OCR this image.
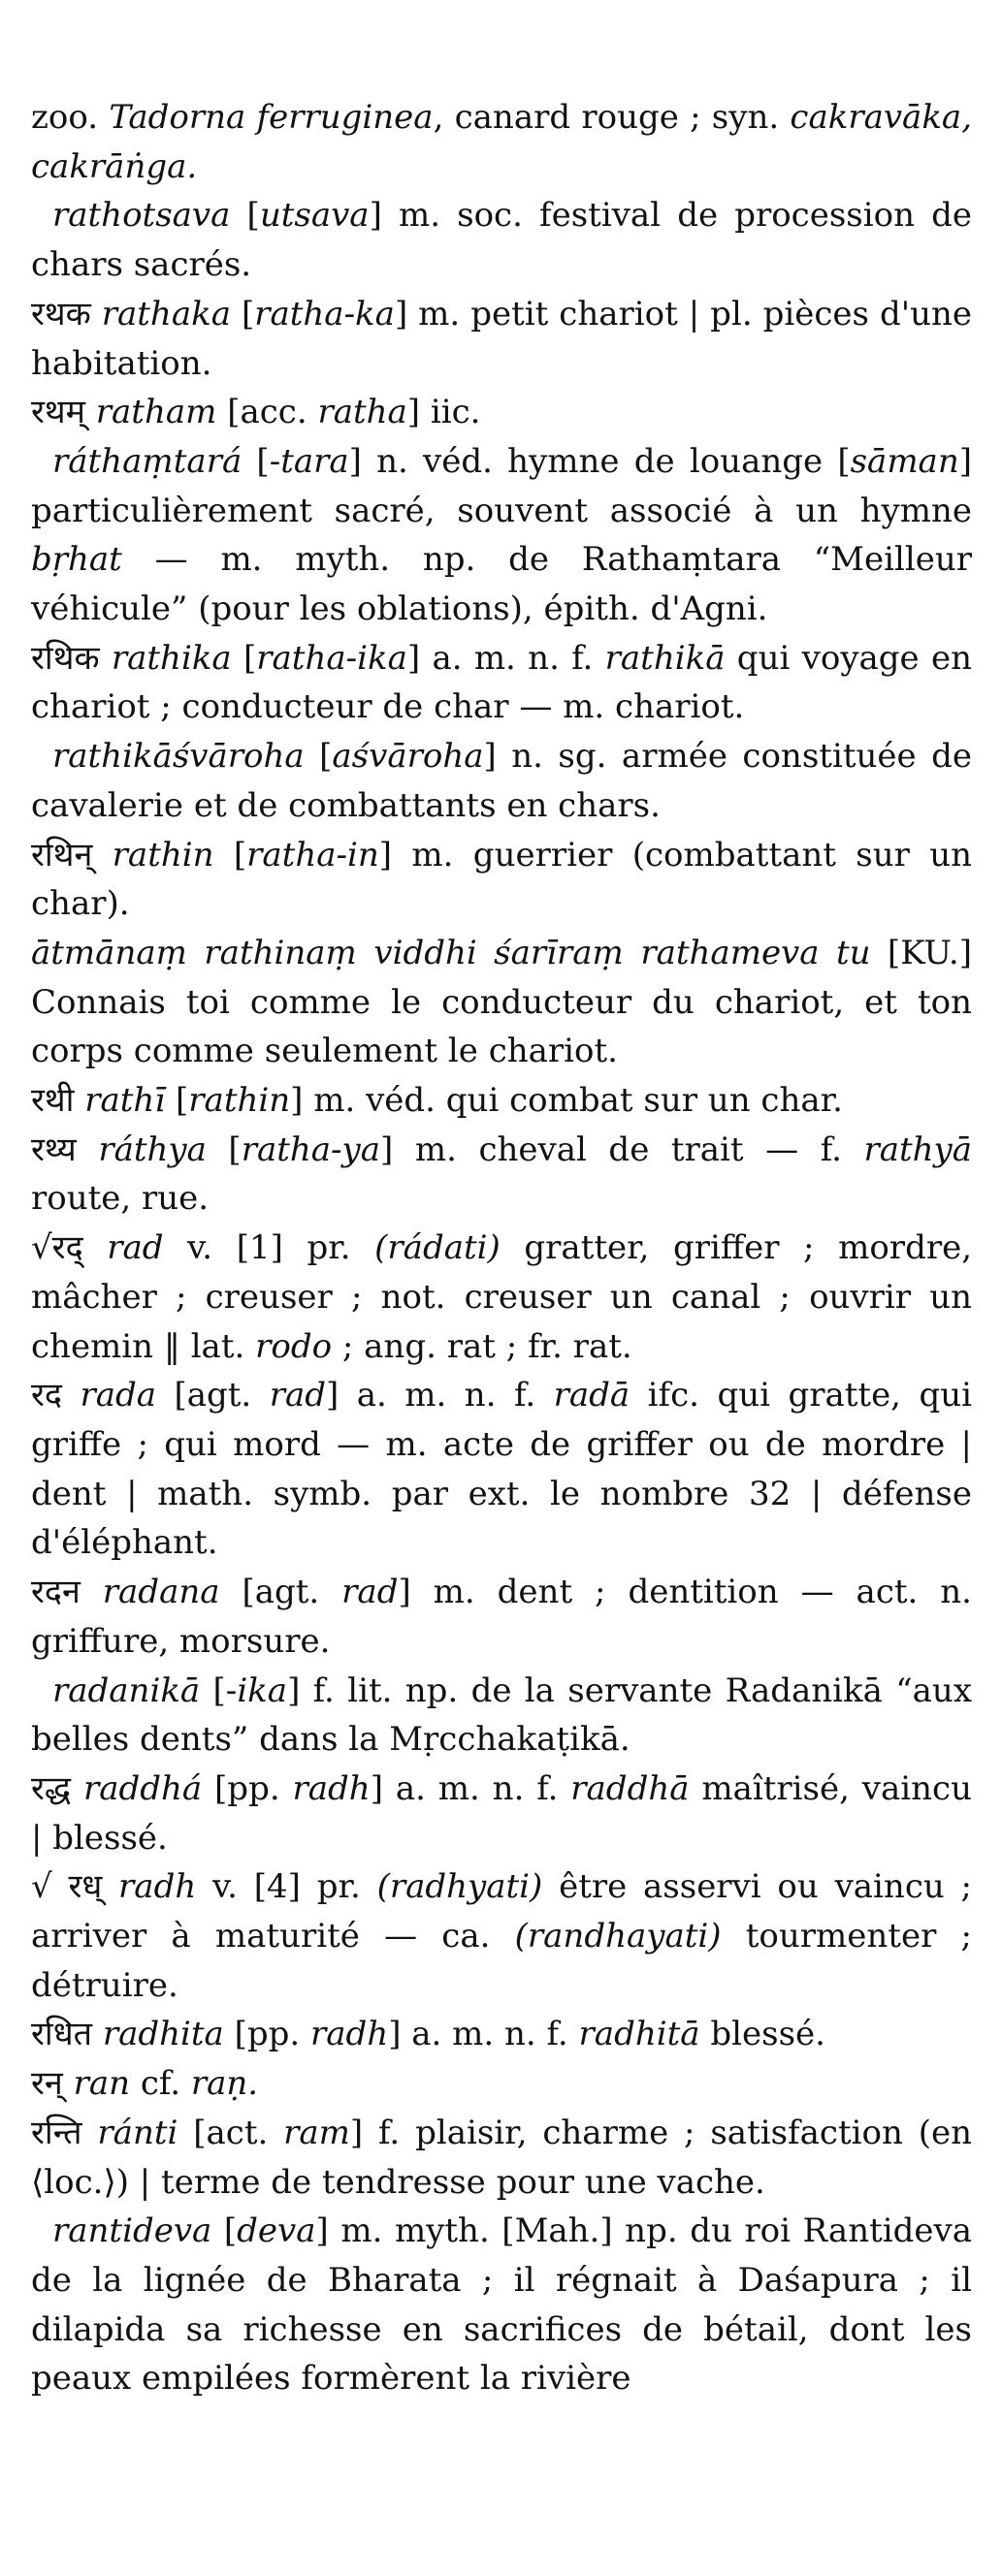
zoo. Tadorna ferruginea, canard rouge ; syn. cakravāka, cakrāṅga.

rathotsava [utsava] m. soc. festival de procession de chars sacrés.

रथक rathaka [ratha-ka] m. petit chariot | pl. pièces d'une habitation.

रथम् ratham [acc. ratha] iic.

ráthaṃtará [-tara] n. véd. hymne de louange [sāman] particulièrement sacré, souvent associé à un hymne bṛhat — m. myth. np. de Rathaṃtara “Meilleur véhicule” (pour les oblations), épith. d'Agni.

रथिक rathika [ratha-ika] a. m. n. f. rathikā qui voyage en chariot ; conducteur de char — m. chariot.

rathikāśvāroha [aśvāroha] n. sg. armée constituée de cavalerie et de combattants en chars.

रथिन् rathin [ratha-in] m. guerrier (combattant sur un char).

ātmānaṃ rathinaṃ viddhi śarīraṃ rathameva tu [KU.] Connais toi comme le conducteur du chariot, et ton corps comme seulement le chariot.

रथी rathī [rathin] m. véd. qui combat sur un char.

रथ्य ráthya [ratha-ya] m. cheval de trait — f. rathyā route, rue.

√रद् rad v. [1] pr. (rádati) gratter, griffer ; mordre, mâcher ; creuser ; not. creuser un canal ; ouvrir un chemin ‖ lat. rodo ; ang. rat ; fr. rat.

रद rada [agt. rad] a. m. n. f. radā ifc. qui gratte, qui griffe ; qui mord — m. acte de griffer ou de mordre | dent | math. symb. par ext. le nombre 32 | défense d'éléphant.

रदन radana [agt. rad] m. dent ; dentition — act. n. griffure, morsure.

radanikā [-ika] f. lit. np. de la servante Radanikā “aux belles dents” dans la Mṛcchakaṭikā.

रद्ध raddhá [pp. radh] a. m. n. f. raddhā maîtrisé, vaincu | blessé.

√ रध् radh v. [4] pr. (radhyati) être asservi ou vaincu ; arriver à maturité — ca. (randhayati) tourmenter ; détruire.

रधित radhita [pp. radh] a. m. n. f. radhitā blessé.

रन् ran cf. raṇ.

रन्ति ránti [act. ram] f. plaisir, charme ; satisfaction (en ⟨loc.⟩) | terme de tendresse pour une vache.

rantideva [deva] m. myth. [Mah.] np. du roi Rantideva de la lignée de Bharata ; il régnait à Daśapura ; il dilapida sa richesse en sacrifices de bétail, dont les peaux empilées formèrent la rivière
